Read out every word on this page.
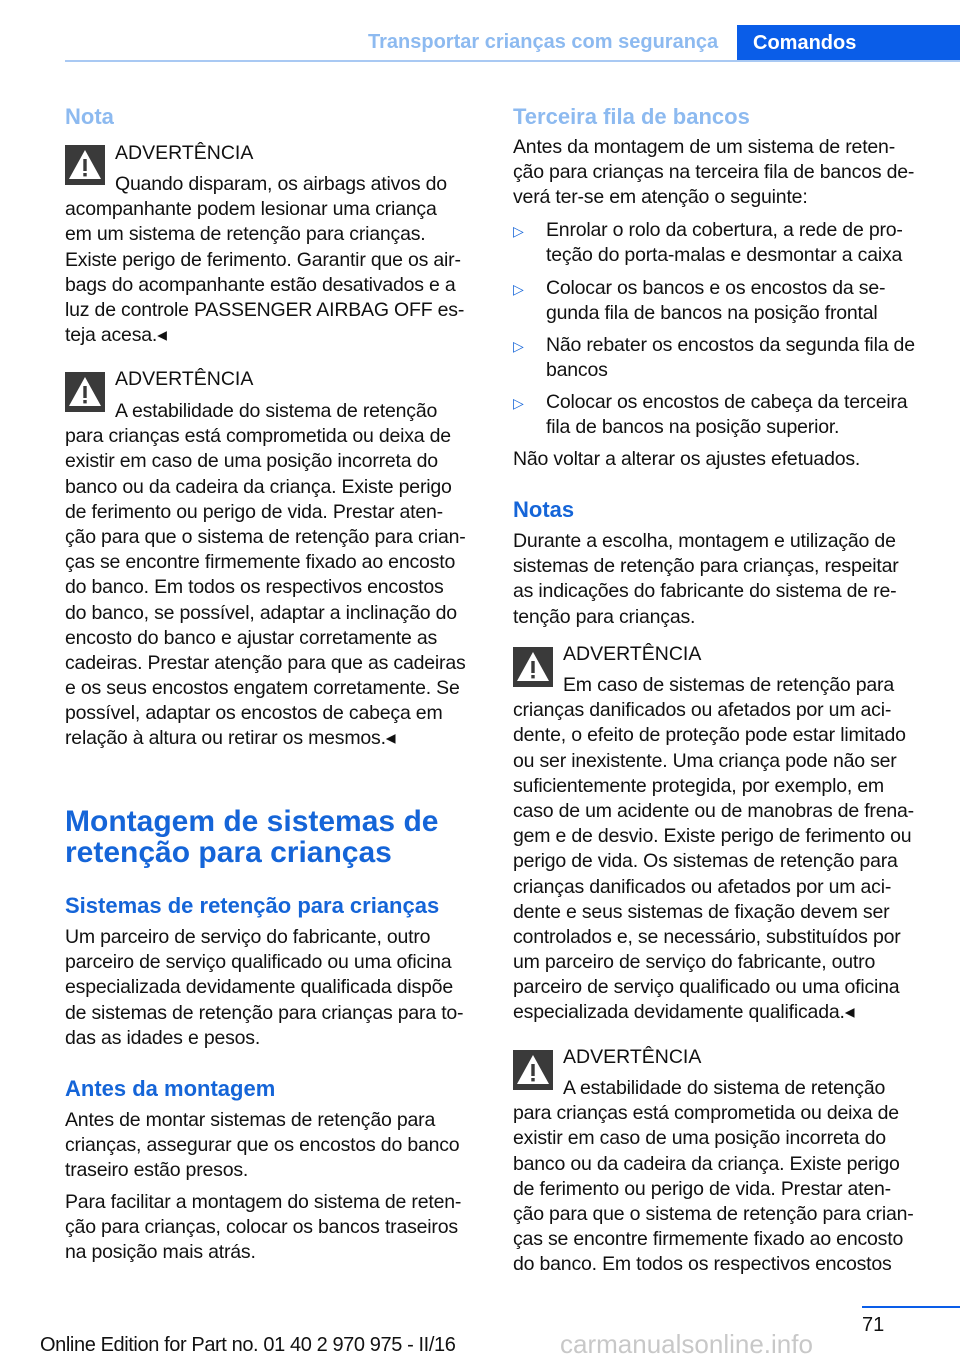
Transportar crianças com segurança	Comandos
Nota
ADVERTÊNCIA
Quando disparam, os airbags ativos do
acompanhante podem lesionar uma criança
em um sistema de retenção para crianças.
Existe perigo de ferimento. Garantir que os air-
bags do acompanhante estão desativados e a
luz de controle PASSENGER AIRBAG OFF es-
teja acesa.◂
ADVERTÊNCIA
A estabilidade do sistema de retenção
para crianças está comprometida ou deixa de
existir em caso de uma posição incorreta do
banco ou da cadeira da criança. Existe perigo
de ferimento ou perigo de vida. Prestar aten-
ção para que o sistema de retenção para crian-
ças se encontre firmemente fixado ao encosto
do banco. Em todos os respectivos encostos
do banco, se possível, adaptar a inclinação do
encosto do banco e ajustar corretamente as
cadeiras. Prestar atenção para que as cadeiras
e os seus encostos engatem corretamente. Se
possível, adaptar os encostos de cabeça em
relação à altura ou retirar os mesmos.◂
Montagem de sistemas de
retenção para crianças
Sistemas de retenção para crianças
Um parceiro de serviço do fabricante, outro
parceiro de serviço qualificado ou uma oficina
especializada devidamente qualificada dispõe
de sistemas de retenção para crianças para to-
das as idades e pesos.
Antes da montagem
Antes de montar sistemas de retenção para
crianças, assegurar que os encostos do banco
traseiro estão presos.
Para facilitar a montagem do sistema de reten-
ção para crianças, colocar os bancos traseiros
na posição mais atrás.
Terceira fila de bancos
Antes da montagem de um sistema de reten-
ção para crianças na terceira fila de bancos de-
verá ter-se em atenção o seguinte:
▷ Enrolar o rolo da cobertura, a rede de pro-
teção do porta-malas e desmontar a caixa
▷ Colocar os bancos e os encostos da se-
gunda fila de bancos na posição frontal
▷ Não rebater os encostos da segunda fila de
bancos
▷ Colocar os encostos de cabeça da terceira
fila de bancos na posição superior.
Não voltar a alterar os ajustes efetuados.
Notas
Durante a escolha, montagem e utilização de
sistemas de retenção para crianças, respeitar
as indicações do fabricante do sistema de re-
tenção para crianças.
ADVERTÊNCIA
Em caso de sistemas de retenção para
crianças danificados ou afetados por um aci-
dente, o efeito de proteção pode estar limitado
ou ser inexistente. Uma criança pode não ser
suficientemente protegida, por exemplo, em
caso de um acidente ou de manobras de frena-
gem e de desvio. Existe perigo de ferimento ou
perigo de vida. Os sistemas de retenção para
crianças danificados ou afetados por um aci-
dente e seus sistemas de fixação devem ser
controlados e, se necessário, substituídos por
um parceiro de serviço do fabricante, outro
parceiro de serviço qualificado ou uma oficina
especializada devidamente qualificada.◂
ADVERTÊNCIA
A estabilidade do sistema de retenção
para crianças está comprometida ou deixa de
existir em caso de uma posição incorreta do
banco ou da cadeira da criança. Existe perigo
de ferimento ou perigo de vida. Prestar aten-
ção para que o sistema de retenção para crian-
ças se encontre firmemente fixado ao encosto
do banco. Em todos os respectivos encostos
71
Online Edition for Part no. 01 40 2 970 975 - II/16	carmanualsonline.info
